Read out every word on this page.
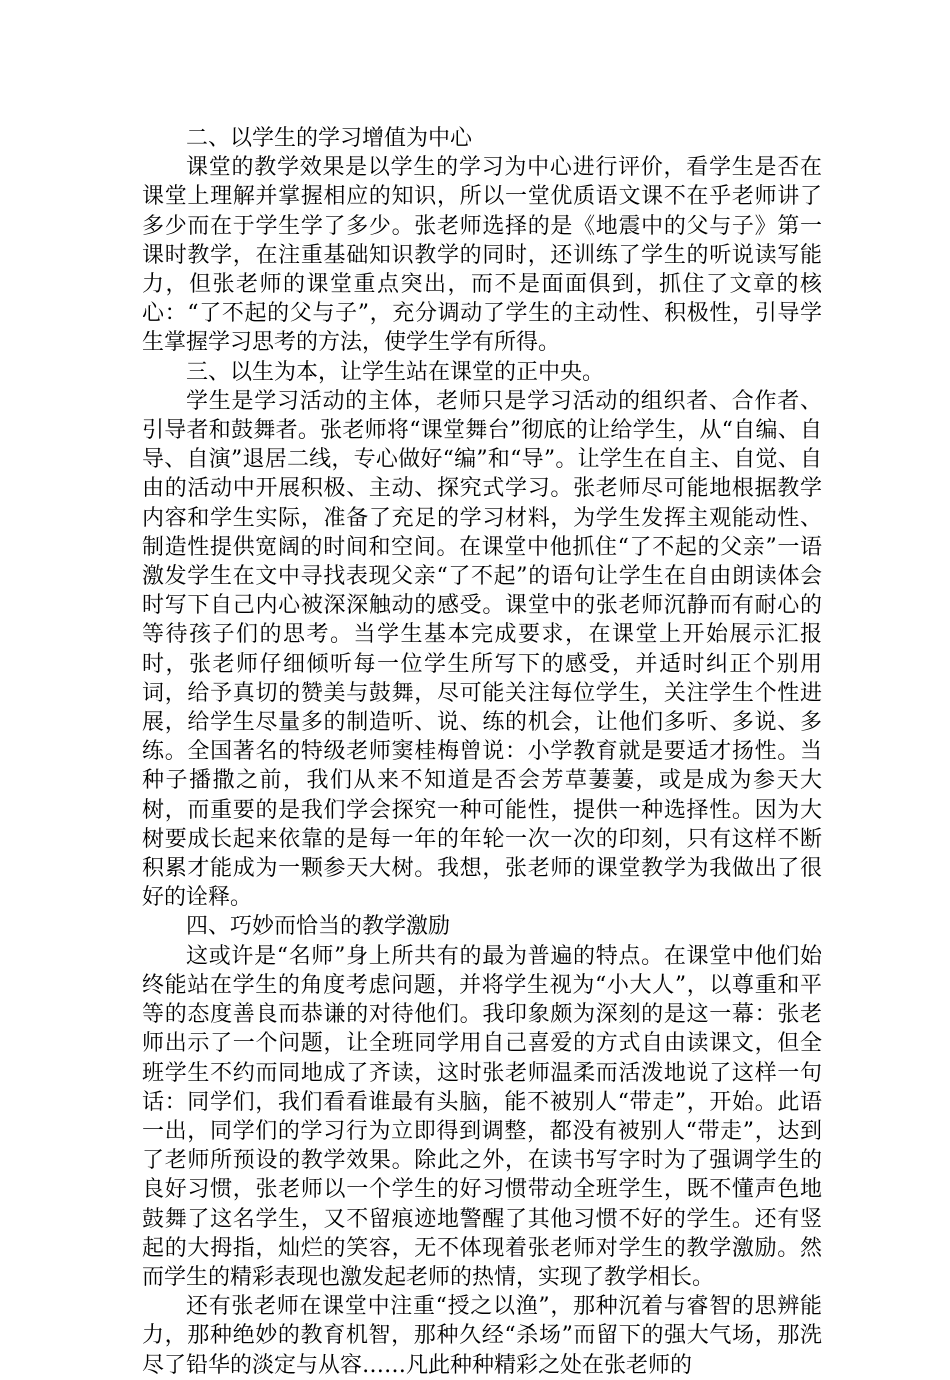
二、以学生的学习增值为中心

课堂的教学效果是以学生的学习为中心进行评价，看学生是否在课堂上理解并掌握相应的知识，所以一堂优质语文课不在乎老师讲了多少而在于学生学了多少。张老师选择的是《地震中的父与子》第一课时教学，在注重基础知识教学的同时，还训练了学生的听说读写能力，但张老师的课堂重点突出，而不是面面俱到，抓住了文章的核心：“了不起的父与子”，充分调动了学生的主动性、积极性，引导学生掌握学习思考的方法，使学生学有所得。

三、以生为本，让学生站在课堂的正中央。

学生是学习活动的主体，老师只是学习活动的组织者、合作者、引导者和鼓舞者。张老师将“课堂舞台”彻底的让给学生，从“自编、自导、自演”退居二线，专心做好“编”和“导”。让学生在自主、自觉、自由的活动中开展积极、主动、探究式学习。张老师尽可能地根据教学内容和学生实际，准备了充足的学习材料，为学生发挥主观能动性、制造性提供宽阔的时间和空间。在课堂中他抓住“了不起的父亲”一语激发学生在文中寻找表现父亲“了不起”的语句让学生在自由朗读体会时写下自己内心被深深触动的感受。课堂中的张老师沉静而有耐心的等待孩子们的思考。当学生基本完成要求，在课堂上开始展示汇报时，张老师仔细倾听每一位学生所写下的感受，并适时纠正个别用词，给予真切的赞美与鼓舞，尽可能关注每位学生，关注学生个性进展，给学生尽量多的制造听、说、练的机会，让他们多听、多说、多练。全国著名的特级老师窦桂梅曾说：小学教育就是要适才扬性。当种子播撒之前，我们从来不知道是否会芳草萋萋，或是成为参天大树，而重要的是我们学会探究一种可能性，提供一种选择性。因为大树要成长起来依靠的是每一年的年轮一次一次的印刻，只有这样不断积累才能成为一颗参天大树。我想，张老师的课堂教学为我做出了很好的诠释。

四、巧妙而恰当的教学激励

这或许是“名师”身上所共有的最为普遍的特点。在课堂中他们始终能站在学生的角度考虑问题，并将学生视为“小大人”，以尊重和平等的态度善良而恭谦的对待他们。我印象颇为深刻的是这一幕：张老师出示了一个问题，让全班同学用自己喜爱的方式自由读课文，但全班学生不约而同地成了齐读，这时张老师温柔而活泼地说了这样一句话：同学们，我们看看谁最有头脑，能不被别人“带走”，开始。此语一出，同学们的学习行为立即得到调整，都没有被别人“带走”，达到了老师所预设的教学效果。除此之外，在读书写字时为了强调学生的良好习惯，张老师以一个学生的好习惯带动全班学生，既不懂声色地鼓舞了这名学生，又不留痕迹地警醒了其他习惯不好的学生。还有竖起的大拇指，灿烂的笑容，无不体现着张老师对学生的教学激励。然而学生的精彩表现也激发起老师的热情，实现了教学相长。

还有张老师在课堂中注重“授之以渔”，那种沉着与睿智的思辨能力，那种绝妙的教育机智，那种久经“杀场”而留下的强大气场，那洗尽了铅华的淡定与从容……凡此种种精彩之处在张老师的
